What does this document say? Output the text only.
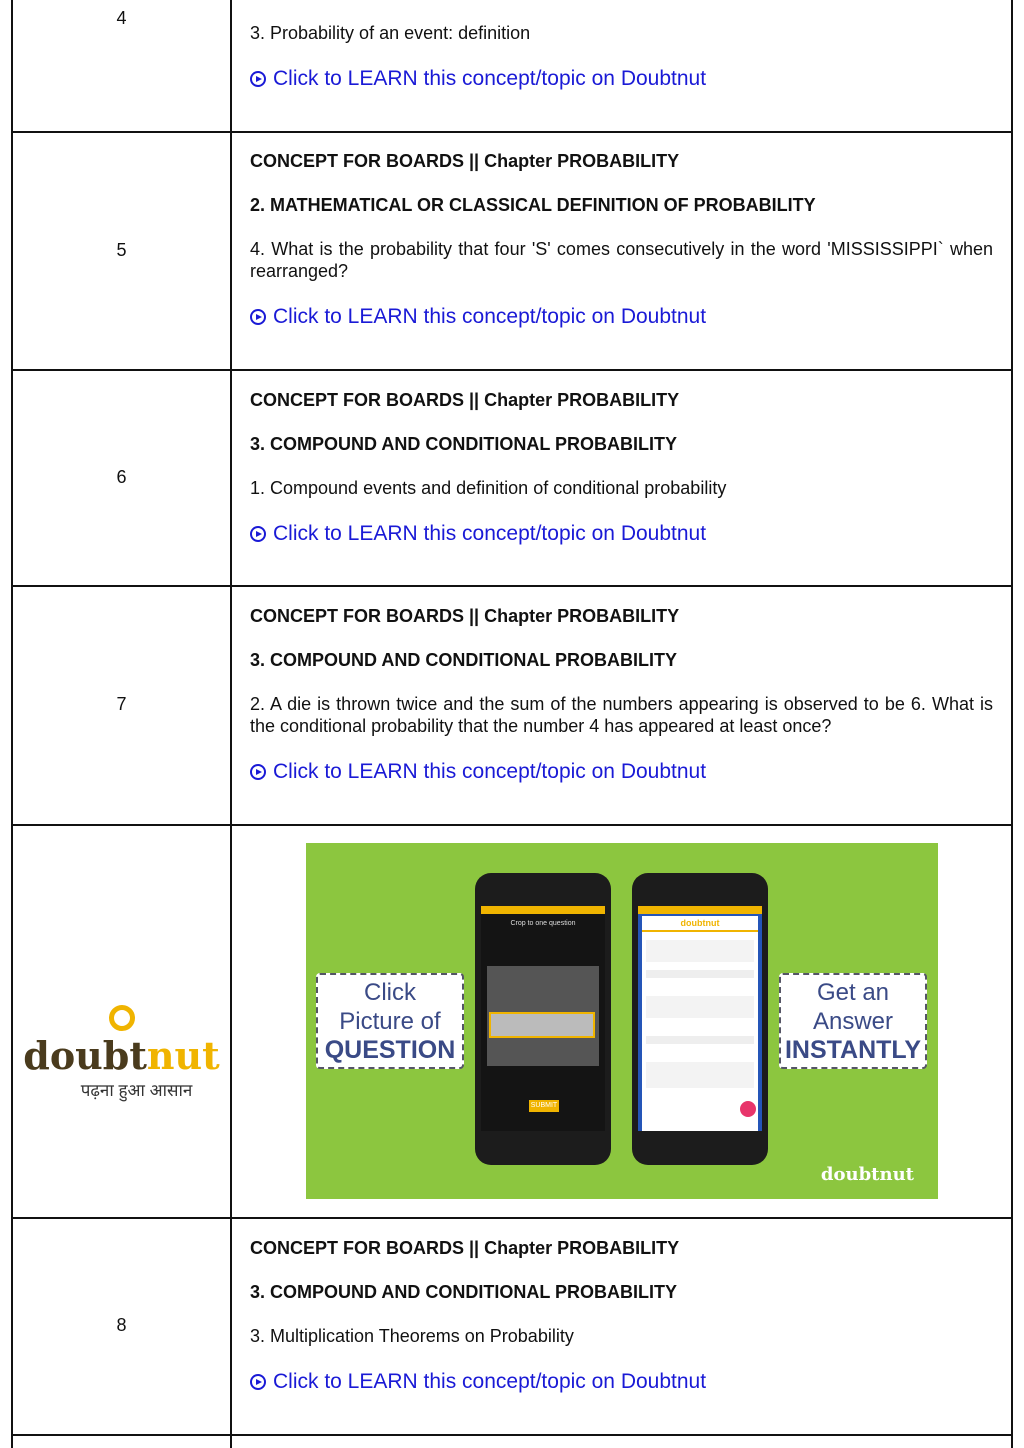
4

3. Probability of an event: definition

Click to LEARN this concept/topic on Doubtnut

5

CONCEPT FOR BOARDS || Chapter PROBABILITY

2. MATHEMATICAL OR CLASSICAL DEFINITION OF PROBABILITY

4. What is the probability that four 'S' comes consecutively in the word 'MISSISSIPPI` when rearranged?

Click to LEARN this concept/topic on Doubtnut

6

CONCEPT FOR BOARDS || Chapter PROBABILITY

3. COMPOUND AND CONDITIONAL PROBABILITY

1. Compound events and definition of conditional probability

Click to LEARN this concept/topic on Doubtnut

7

CONCEPT FOR BOARDS || Chapter PROBABILITY

3. COMPOUND AND CONDITIONAL PROBABILITY

2. A die is thrown twice and the sum of the numbers appearing is observed to be 6. What is the conditional probability that the number 4 has appeared at least once?

Click to LEARN this concept/topic on Doubtnut

doubtnut
पढ़ना हुआ आसान
Click
Picture of
QUESTION
Crop to one question
SUBMIT
doubtnut
Get an
Answer
INSTANTLY
doubtnut
8

CONCEPT FOR BOARDS || Chapter PROBABILITY

3. COMPOUND AND CONDITIONAL PROBABILITY

3. Multiplication Theorems on Probability

Click to LEARN this concept/topic on Doubtnut
